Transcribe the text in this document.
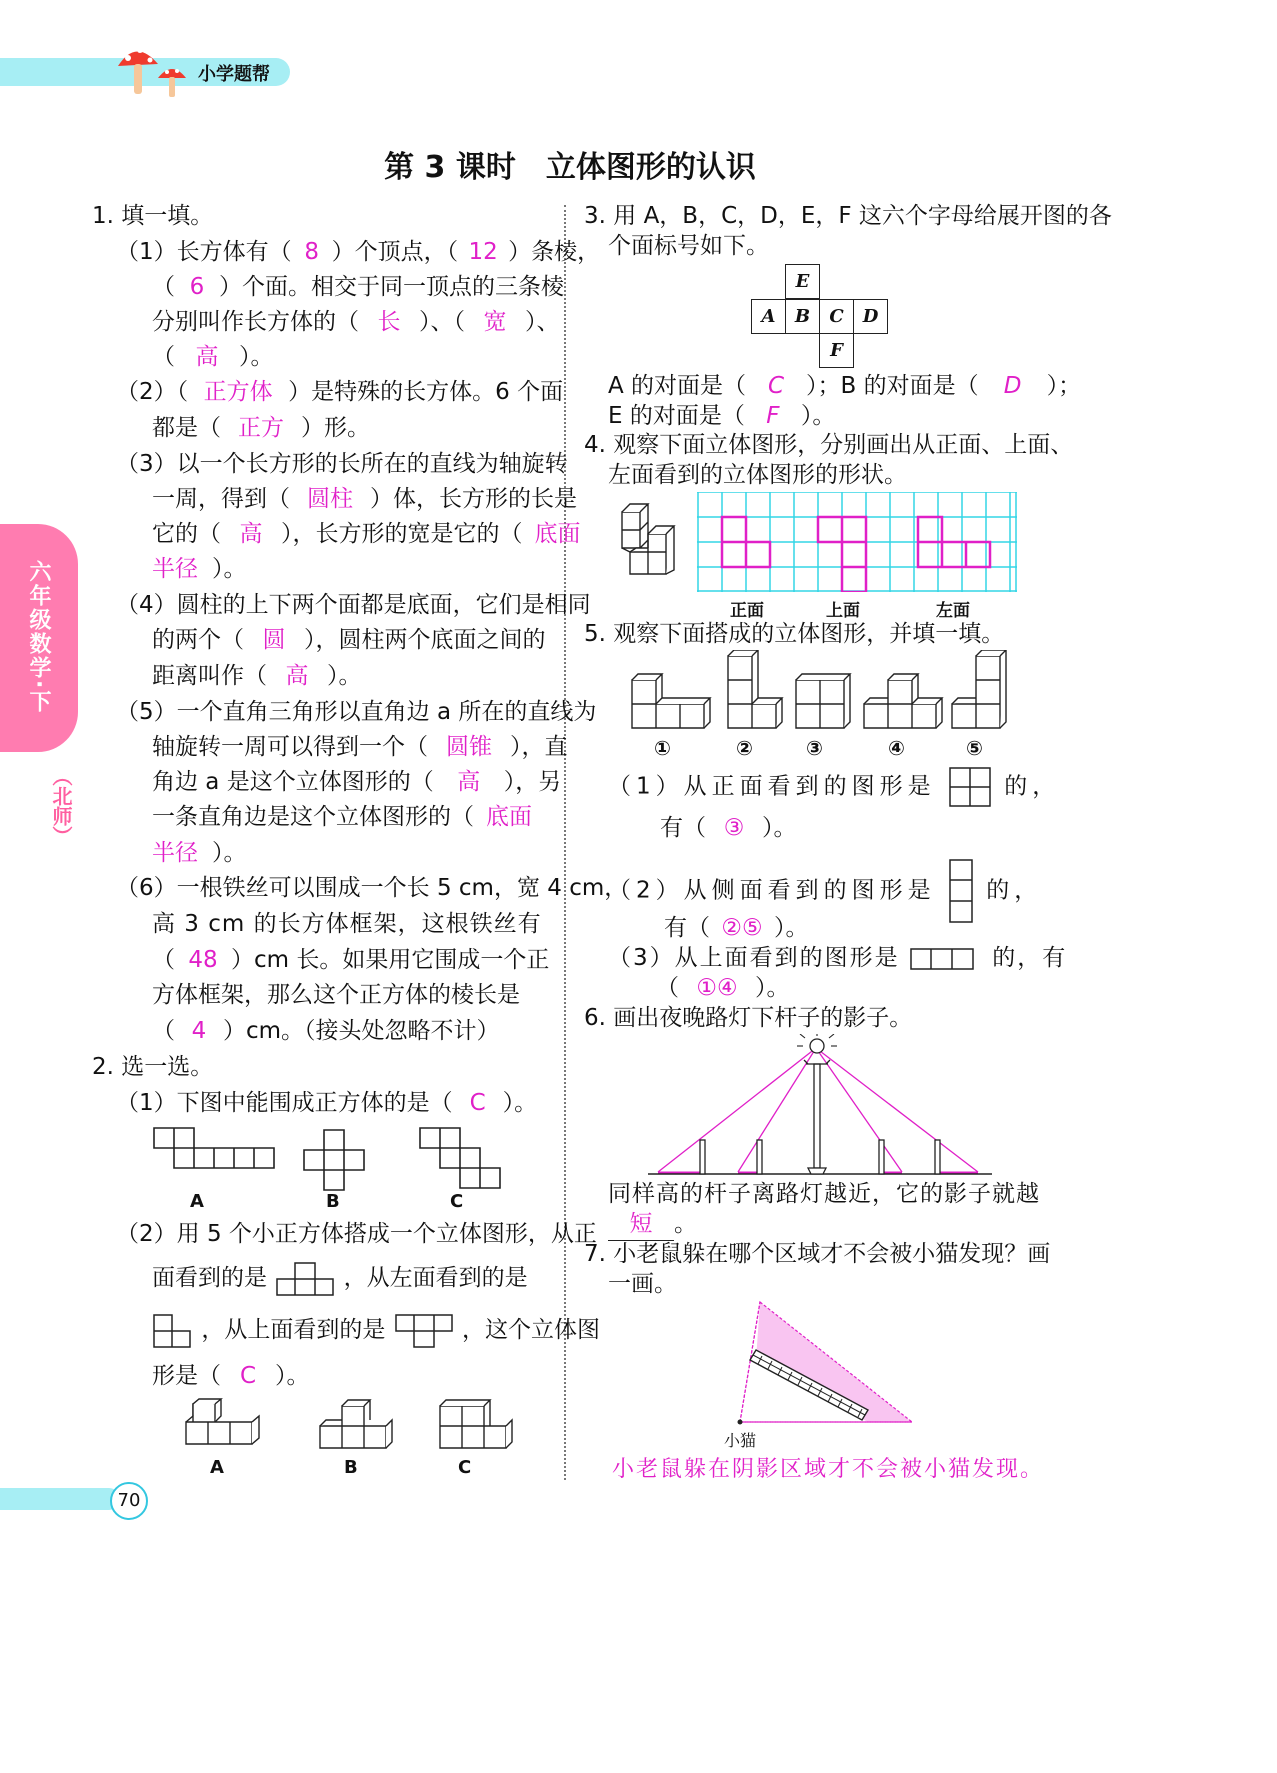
小学题帮
第 3 课时　立体图形的认识
六年级数学·下
（北师）
70
1. 填一填。
（1）长方体有（ 8 ）个顶点，（ 12 ）条棱，
（ 6 ）个面。相交于同一顶点的三条棱
分别叫作长方体的（ 长 ）、（ 宽 ）、
（ 高 ）。
（2）（ 正方体 ）是特殊的长方体。6 个面
都是（ 正方 ）形。
（3）以一个长方形的长所在的直线为轴旋转
一周，得到（ 圆柱 ）体，长方形的长是
它的（ 高 ），长方形的宽是它的（ 底面
半径 ）。
（4）圆柱的上下两个面都是底面，它们是相同
的两个（ 圆 ），圆柱两个底面之间的
距离叫作（ 高 ）。
（5）一个直角三角形以直角边 a 所在的直线为
轴旋转一周可以得到一个（ 圆锥 ），直
角边 a 是这个立体图形的（ 高 ），另
一条直角边是这个立体图形的（ 底面
半径 ）。
（6）一根铁丝可以围成一个长 5 cm，宽 4 cm，
高 3 cm 的长方体框架，这根铁丝有
（ 48 ）cm 长。如果用它围成一个正
方体框架，那么这个正方体的棱长是
（ 4 ）cm。（接头处忽略不计）
2. 选一选。
（1）下图中能围成正方体的是（ C ）。
A	B	C
（2）用 5 个小正方体搭成一个立体图形，从正
面看到的是	，从左面看到的是
，从上面看到的是	，这个立体图
形是（ C ）。
A	B	C
3. 用 A，B，C，D，E，F 这六个字母给展开图的各
个面标号如下。
E
A	B	C	D
F
A 的对面是（ C ）；B 的对面是（ D ）；
E 的对面是（ F ）。
4. 观察下面立体图形，分别画出从正面、上面、
左面看到的立体图形的形状。
正面	上面	左面
5. 观察下面搭成的立体图形，并填一填。
①	②	③	④	⑤
（1）从正面看到的图形是	的，
有（ ③ ）。
（2）从侧面看到的图形是 的，
有（ ②⑤ ）。
（3）从上面看到的图形是	的，有
（ ①④ ）。
6. 画出夜晚路灯下杆子的影子。
同样高的杆子离路灯越近，它的影子就越
短 。
7. 小老鼠躲在哪个区域才不会被小猫发现？画
一画。
小猫
小老鼠躲在阴影区域才不会被小猫发现。
